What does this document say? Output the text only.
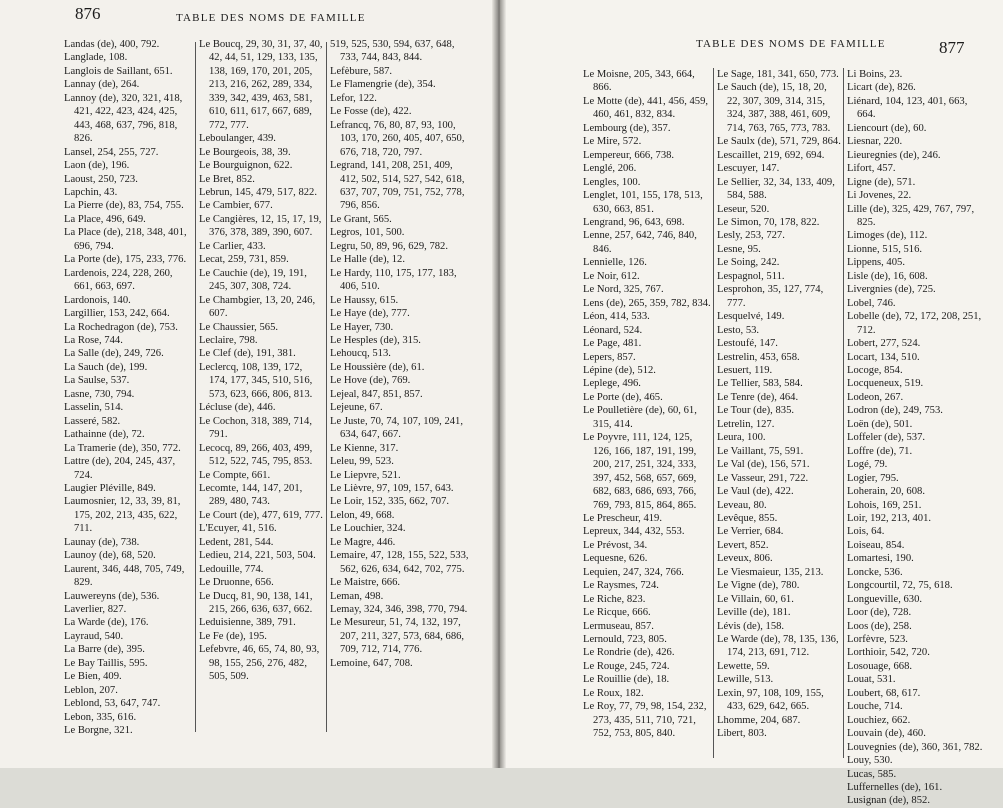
876	TABLE DES NOMS DE FAMILLE
Landas (de), 400, 792.
Langlade, 108.
Langlois de Saillant, 651.
Lannay (de), 264.
Lannoy (de), 320, 321, 418, 421, 422, 423, 424, 425, 443, 468, 637, 796, 818, 826.
Lansel, 254, 255, 727.
Laon (de), 196.
Laoust, 250, 723.
Lapchin, 43.
La Pierre (de), 83, 754, 755.
La Place, 496, 649.
La Place (de), 218, 348, 401, 696, 794.
La Porte (de), 175, 233, 776.
Lardenois, 224, 228, 260, 661, 663, 697.
Lardonois, 140.
Largillier, 153, 242, 664.
La Rochedragon (de), 753.
La Rose, 744.
La Salle (de), 249, 726.
La Sauch (de), 199.
La Saulse, 537.
Lasne, 730, 794.
Lasselin, 514.
Lasseré, 582.
Lathainne (de), 72.
La Tramerie (de), 350, 772.
Lattre (de), 204, 245, 437, 724.
Laugier Pléville, 849.
Laumosnier, 12, 33, 39, 81, 175, 202, 213, 435, 622, 711.
Launay (de), 738.
Launoy (de), 68, 520.
Laurent, 346, 448, 705, 749, 829.
Lauwereyns (de), 536.
Laverlier, 827.
La Warde (de), 176.
Layraud, 540.
La Barre (de), 395.
Le Bay Taillis, 595.
Le Bien, 409.
Leblon, 207.
Leblond, 53, 647, 747.
Lebon, 335, 616.
Le Borgne, 321.
Le Boucq, 29, 30, 31, 37, 40, 42, 44, 51, 129, 133, 135, 138, 169, 170, 201, 205, 213, 216, 262, 289, 334, 339, 342, 439, 463, 581, 610, 611, 617, 667, 689, 772, 777.
Leboulanger, 439.
Le Bourgeois, 38, 39.
Le Bourguignon, 622.
Le Bret, 852.
Lebrun, 145, 479, 517, 822.
Le Cambier, 677.
Le Cangières, 12, 15, 17, 19, 376, 378, 389, 390, 607.
Le Carlier, 433.
Lecat, 259, 731, 859.
Le Cauchie (de), 19, 191, 245, 307, 308, 724.
Le Chambgier, 13, 20, 246, 607.
Le Chaussier, 565.
Leclaire, 798.
Le Clef (de), 191, 381.
Leclercq, 108, 139, 172, 174, 177, 345, 510, 516, 573, 623, 666, 806, 813.
Lécluse (de), 446.
Le Cochon, 318, 389, 714, 791.
Lecocq, 89, 266, 403, 499, 512, 522, 745, 795, 853.
Le Compte, 661.
Lecomte, 144, 147, 201, 289, 480, 743.
Le Court (de), 477, 619, 777.
L'Ecuyer, 41, 516.
Ledent, 281, 544.
Ledieu, 214, 221, 503, 504.
Ledouille, 774.
Le Druonne, 656.
Le Ducq, 81, 90, 138, 141, 215, 266, 636, 637, 662.
Leduisienne, 389, 791.
Le Fe (de), 195.
Lefebvre, 46, 65, 74, 80, 93, 98, 155, 256, 276, 482, 505, 509.
519, 525, 530, 594, 637, 648, 733, 744, 843, 844.
Lefèbure, 587.
Le Flamengrie (de), 354.
Lefor, 122.
Le Fosse (de), 422.
Lefrancq, 76, 80, 87, 93, 100, 103, 170, 260, 405, 407, 650, 676, 718, 720, 797.
Legrand, 141, 208, 251, 409, 412, 502, 514, 527, 542, 618, 637, 707, 709, 751, 752, 778, 796, 856.
Le Grant, 565.
Legros, 101, 500.
Legru, 50, 89, 96, 629, 782.
Le Halle (de), 12.
Le Hardy, 110, 175, 177, 183, 406, 510.
Le Haussy, 615.
Le Haye (de), 777.
Le Hayer, 730.
Le Hesples (de), 315.
Lehoucq, 513.
Le Houssière (de), 61.
Le Hove (de), 769.
Lejeal, 847, 851, 857.
Lejeune, 67.
Le Juste, 70, 74, 107, 109, 241, 634, 647, 667.
Le Kienne, 317.
Leleu, 99, 523.
Le Liepvre, 521.
Le Lièvre, 97, 109, 157, 643.
Le Loir, 152, 335, 662, 707.
Lelon, 49, 668.
Le Louchier, 324.
Le Magre, 446.
Lemaire, 47, 128, 155, 522, 533, 562, 626, 634, 642, 702, 775.
Le Maistre, 666.
Leman, 498.
Lemay, 324, 346, 398, 770, 794.
Le Mesureur, 51, 74, 132, 197, 207, 211, 327, 573, 684, 686, 709, 712, 714, 776.
Lemoine, 647, 708.
TABLE DES NOMS DE FAMILLE	877
Le Moisne, 205, 343, 664, 866.
Le Motte (de), 441, 456, 459, 460, 461, 832, 834.
Lembourg (de), 357.
Le Mire, 572.
Lempereur, 666, 738.
Lenglé, 206.
Lengles, 100.
Lenglet, 101, 155, 178, 513, 630, 663, 851.
Lengrand, 96, 643, 698.
Lenne, 257, 642, 746, 840, 846.
Lennielle, 126.
Le Noir, 612.
Le Nord, 325, 767.
Lens (de), 265, 359, 782, 834.
Léon, 414, 533.
Léonard, 524.
Le Page, 481.
Lepers, 857.
Lépine (de), 512.
Leplege, 496.
Le Porte (de), 465.
Le Poulletière (de), 60, 61, 315, 414.
Le Poyvre, 111, 124, 125, 126, 166, 187, 191, 199, 200, 217, 251, 324, 333, 397, 452, 568, 657, 669, 682, 683, 686, 693, 766, 769, 793, 815, 864, 865.
Le Prescheur, 419.
Lepreux, 344, 432, 553.
Le Prévost, 34.
Lequesne, 626.
Lequien, 247, 324, 766.
Le Raysmes, 724.
Le Riche, 823.
Le Ricque, 666.
Lermuseau, 857.
Lernould, 723, 805.
Le Rondrie (de), 426.
Le Rouge, 245, 724.
Le Rouillie (de), 18.
Le Roux, 182.
Le Roy, 77, 79, 98, 154, 232, 273, 435, 511, 710, 721, 752, 753, 805, 840.
Le Sage, 181, 341, 650, 773.
Le Sauch (de), 15, 18, 20, 22, 307, 309, 314, 315, 324, 387, 388, 461, 609, 714, 763, 765, 773, 783.
Le Saulx (de), 571, 729, 864.
Lescaillet, 219, 692, 694.
Lescuyer, 147.
Le Sellier, 32, 34, 133, 409, 584, 588.
Leseur, 520.
Le Simon, 70, 178, 822.
Lesly, 253, 727.
Lesne, 95.
Le Soing, 242.
Lespagnol, 511.
Lesprohon, 35, 127, 774, 777.
Lesquelvé, 149.
Lesto, 53.
Lestoufé, 147.
Lestrelin, 453, 658.
Lesuert, 119.
Le Tellier, 583, 584.
Le Tenre (de), 464.
Le Tour (de), 835.
Letrelin, 127.
Leura, 100.
Le Vaillant, 75, 591.
Le Val (de), 156, 571.
Le Vasseur, 291, 722.
Le Vaul (de), 422.
Leveau, 80.
Levêque, 855.
Le Verrier, 684.
Levert, 852.
Leveux, 806.
Le Viesmaieur, 135, 213.
Le Vigne (de), 780.
Le Villain, 60, 61.
Leville (de), 181.
Lévis (de), 158.
Le Warde (de), 78, 135, 136, 174, 213, 691, 712.
Lewette, 59.
Lewille, 513.
Lexin, 97, 108, 109, 155, 433, 629, 642, 665.
Lhomme, 204, 687.
Libert, 803.
Li Boins, 23.
Licart (de), 826.
Liénard, 104, 123, 401, 663, 664.
Liencourt (de), 60.
Liesnar, 220.
Lieuregnies (de), 246.
Lifort, 457.
Ligne (de), 571.
Li Jovenes, 22.
Lille (de), 325, 429, 767, 797, 825.
Limoges (de), 112.
Lionne, 515, 516.
Lippens, 405.
Lisle (de), 16, 608.
Livergnies (de), 725.
Lobel, 746.
Lobelle (de), 72, 172, 208, 251, 712.
Lobert, 277, 524.
Locart, 134, 510.
Locoge, 854.
Locqueneux, 519.
Lodeon, 267.
Lodron (de), 249, 753.
Loën (de), 501.
Loffeler (de), 537.
Loffre (de), 71.
Logé, 79.
Logier, 795.
Loherain, 20, 608.
Lohois, 169, 251.
Loir, 192, 213, 401.
Lois, 64.
Loiseau, 854.
Lomartesi, 190.
Loncke, 536.
Longcourtil, 72, 75, 618.
Longueville, 630.
Loor (de), 728.
Loos (de), 258.
Lorfèvre, 523.
Lorthioir, 542, 720.
Losouage, 668.
Louat, 531.
Loubert, 68, 617.
Louche, 714.
Louchiez, 662.
Louvain (de), 460.
Louvegnies (de), 360, 361, 782.
Louy, 530.
Lucas, 585.
Luffernelles (de), 161.
Lusignan (de), 852.
